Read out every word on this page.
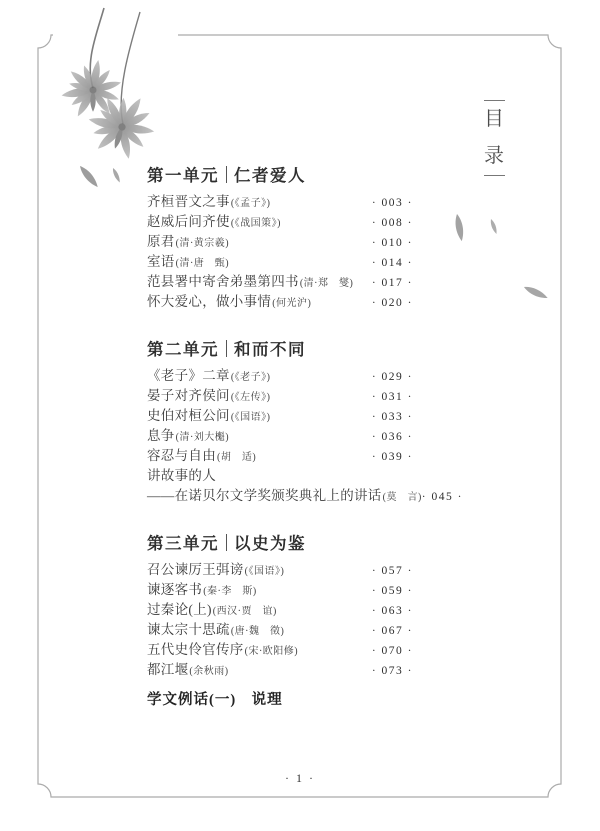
目
录
第一单元 仁者爱人
齐桓晋文之事 (《孟子》)	· 003 ·
赵威后问齐使 (《战国策》)	· 008 ·
原君 (清·黄宗羲)	· 010 ·
室语 (清·唐　甄)	· 014 ·
范县署中寄舍弟墨第四书 (清·郑　燮) · 017 ·
怀大爱心，做小事情 (何光沪)	· 020 ·
第二单元 和而不同
《老子》二章 (《老子》)	· 029 ·
晏子对齐侯问 (《左传》)	· 031 ·
史伯对桓公问 (《国语》)	· 033 ·
息争 (清·刘大櫆)	· 036 ·
容忍与自由 (胡　适)	· 039 ·
讲故事的人
——在诺贝尔文学奖颁奖典礼上的讲话 (莫　言) · 045 ·
第三单元 以史为鉴
召公谏厉王弭谤 (《国语》)	· 057 ·
谏逐客书 (秦·李　斯)	· 059 ·
过秦论(上) (西汉·贾　谊)	· 063 ·
谏太宗十思疏 (唐·魏　徵)	· 067 ·
五代史伶官传序 (宋·欧阳修)	· 070 ·
都江堰 (余秋雨)	· 073 ·
学文例话(一)　说理
· 1 ·
